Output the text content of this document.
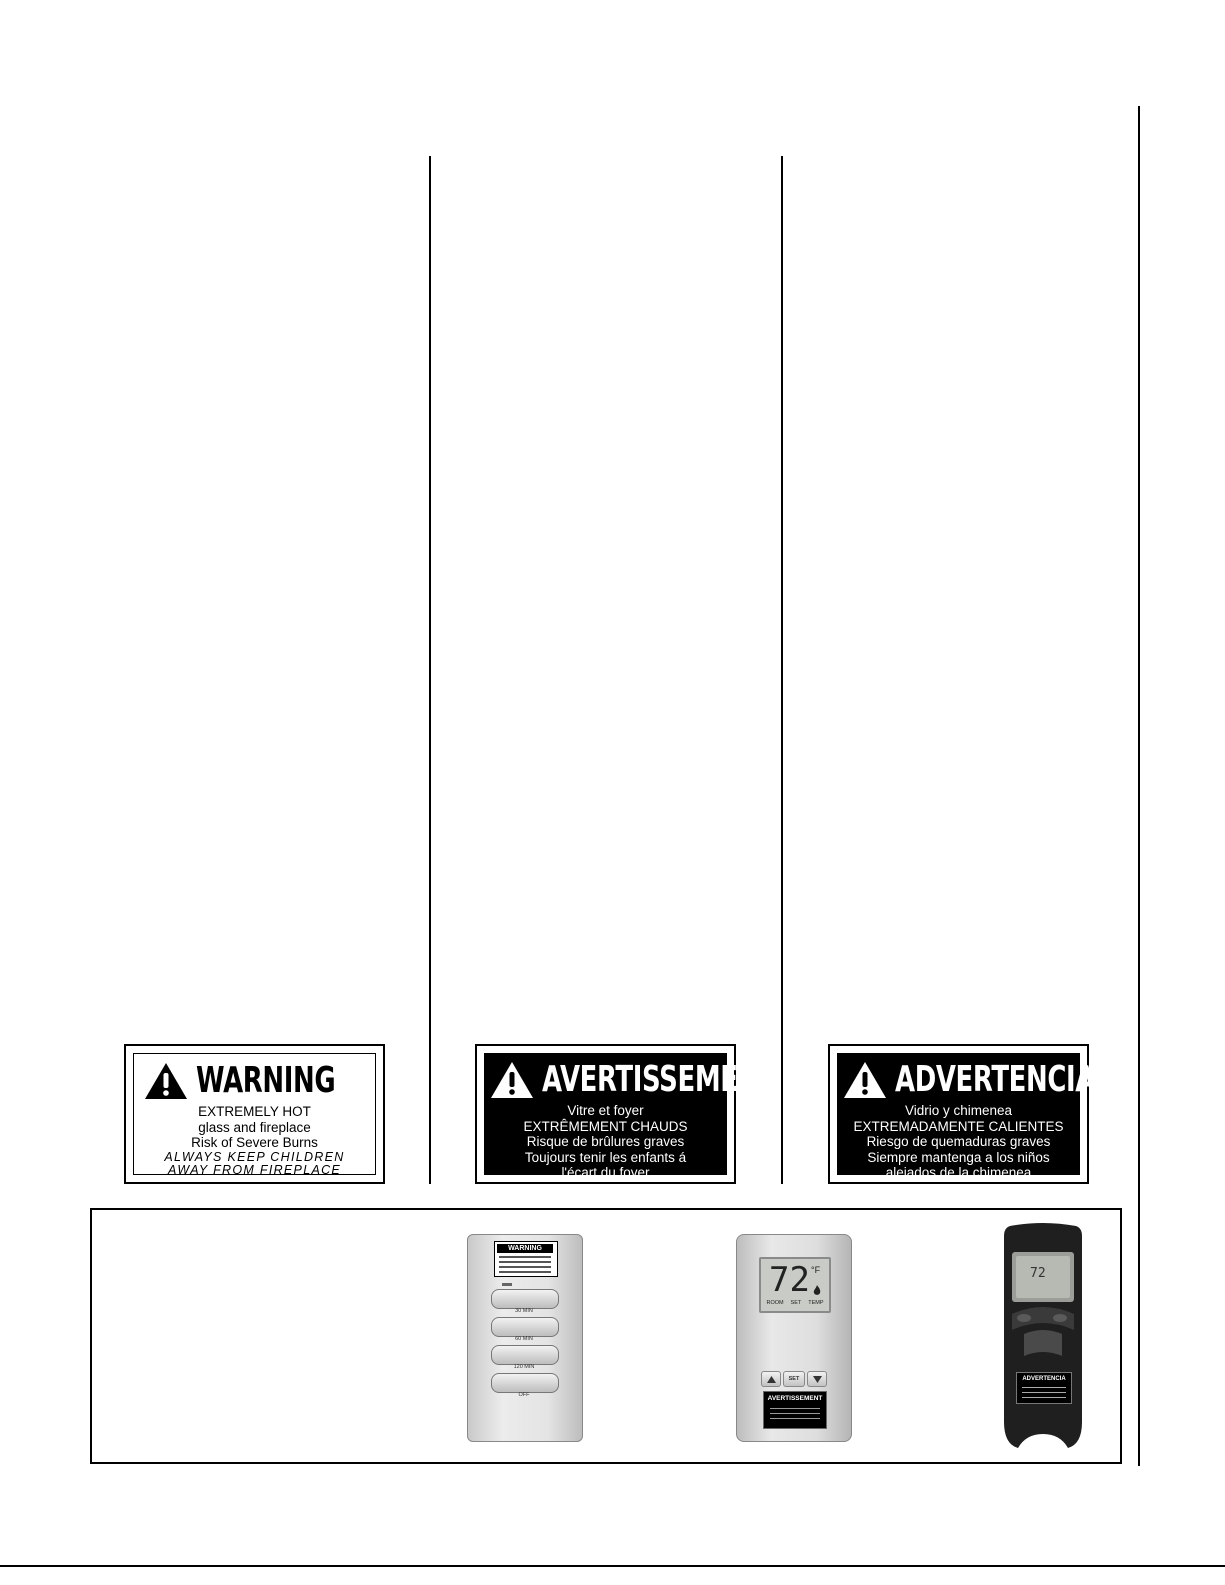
WARNING
EXTREMELY HOT
glass and fireplace
Risk of Severe Burns
ALWAYS KEEP CHILDREN
AWAY FROM FIREPLACE
AVERTISSEMENT
Vitre et foyer
EXTRÊMEMENT CHAUDS
Risque de brûlures graves
Toujours tenir les enfants á
l'écart du foyer
ADVERTENCIA
Vidrio y chimenea
EXTREMADAMENTE CALIENTES
Riesgo de quemaduras graves
Siempre mantenga a los niños
alejados de la chimenea
WARNING
30 MIN
60 MIN
120 MIN
OFF
72 °F
ROOM SET TEMP
SET
AVERTISSEMENT
72
ADVERTENCIA
